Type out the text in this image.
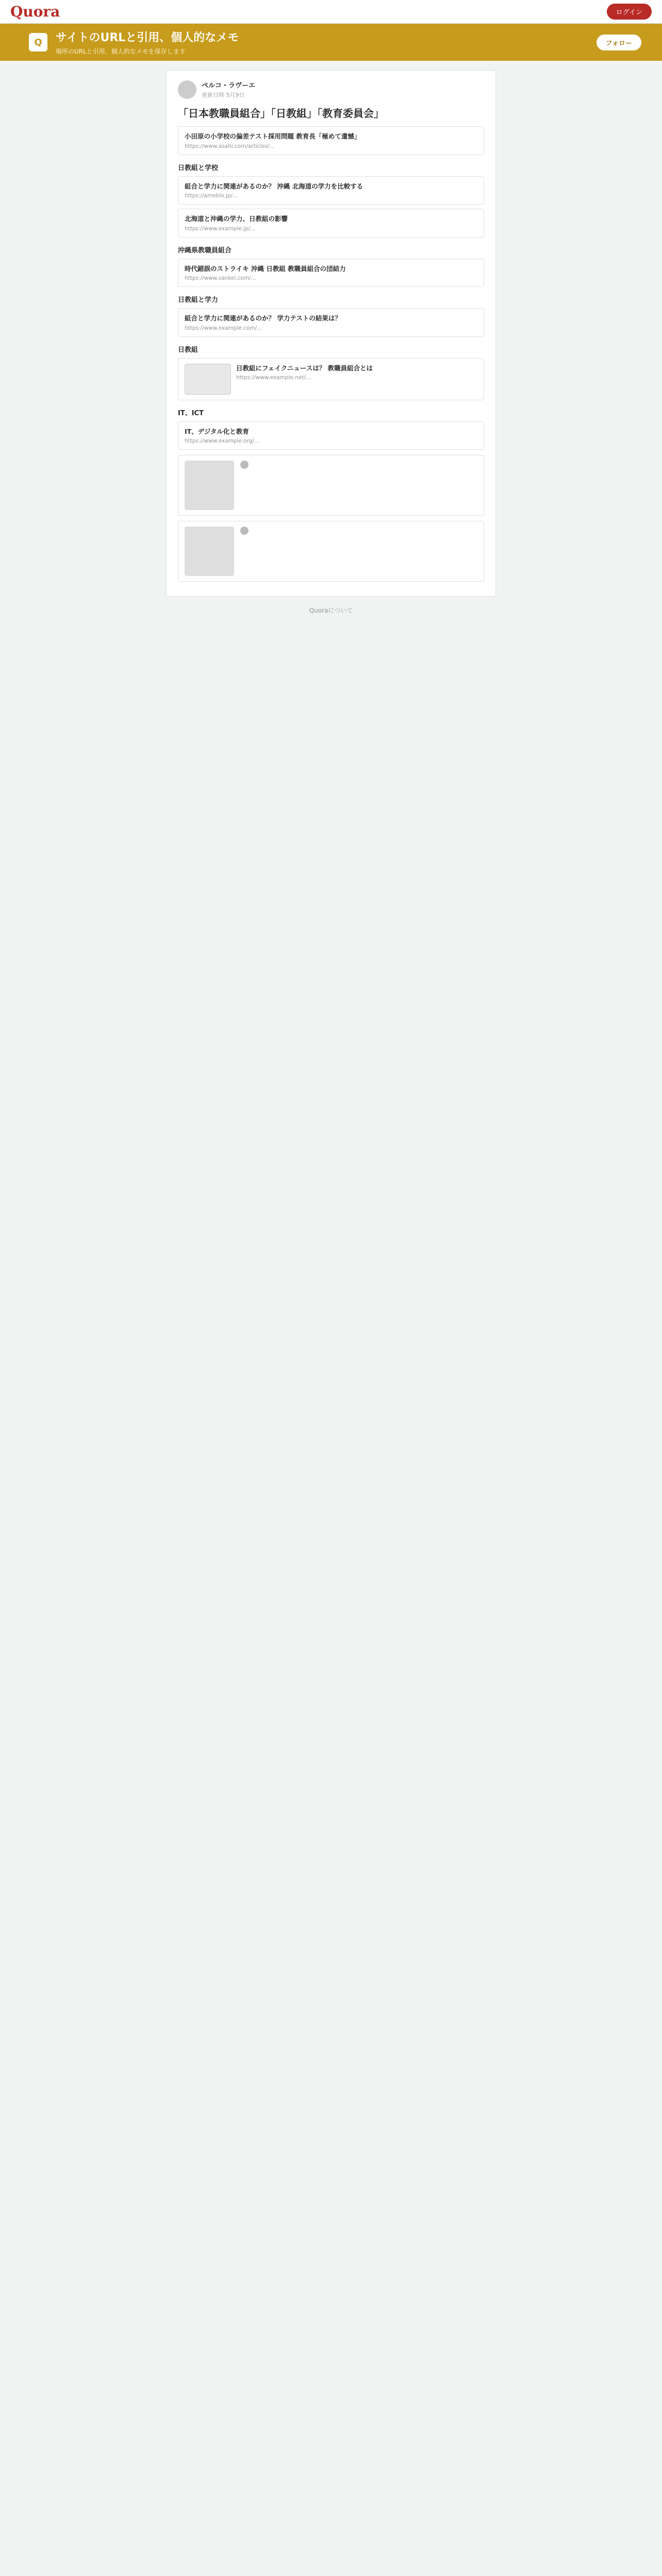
Quora	ログイン
Q	サイトのURLと引用、個人的なメモ
場所のURLと引用、個人的なメモを保存します
フォロー
ペルコ・ラヴーエ
更新日時 5月9日
「日本教職員組合」「日教組」「教育委員会」
小田原の小学校の偏差テスト採用問題 教育長「極めて遺憾」
https://www.asahi.com/articles/...
日教組と学校
組合と学力に関連があるのか？ 沖縄 北海道の学力を比較する
https://ameblo.jp/...
北海道と沖縄の学力、日教組の影響
https://www.example.jp/...
沖縄県教職員組合
時代錯誤のストライキ 沖縄 日教組 教職員組合の団結力
https://www.sankei.com/...
日教組と学力
組合と学力に関連があるのか？ 学力テストの結果は？
https://www.example.com/...
日教組
日教組にフェイクニュースは？ 教職員組合とは
https://www.example.net/...
IT、ICT
IT、デジタル化と教育
https://www.example.org/...
Quoraについて
